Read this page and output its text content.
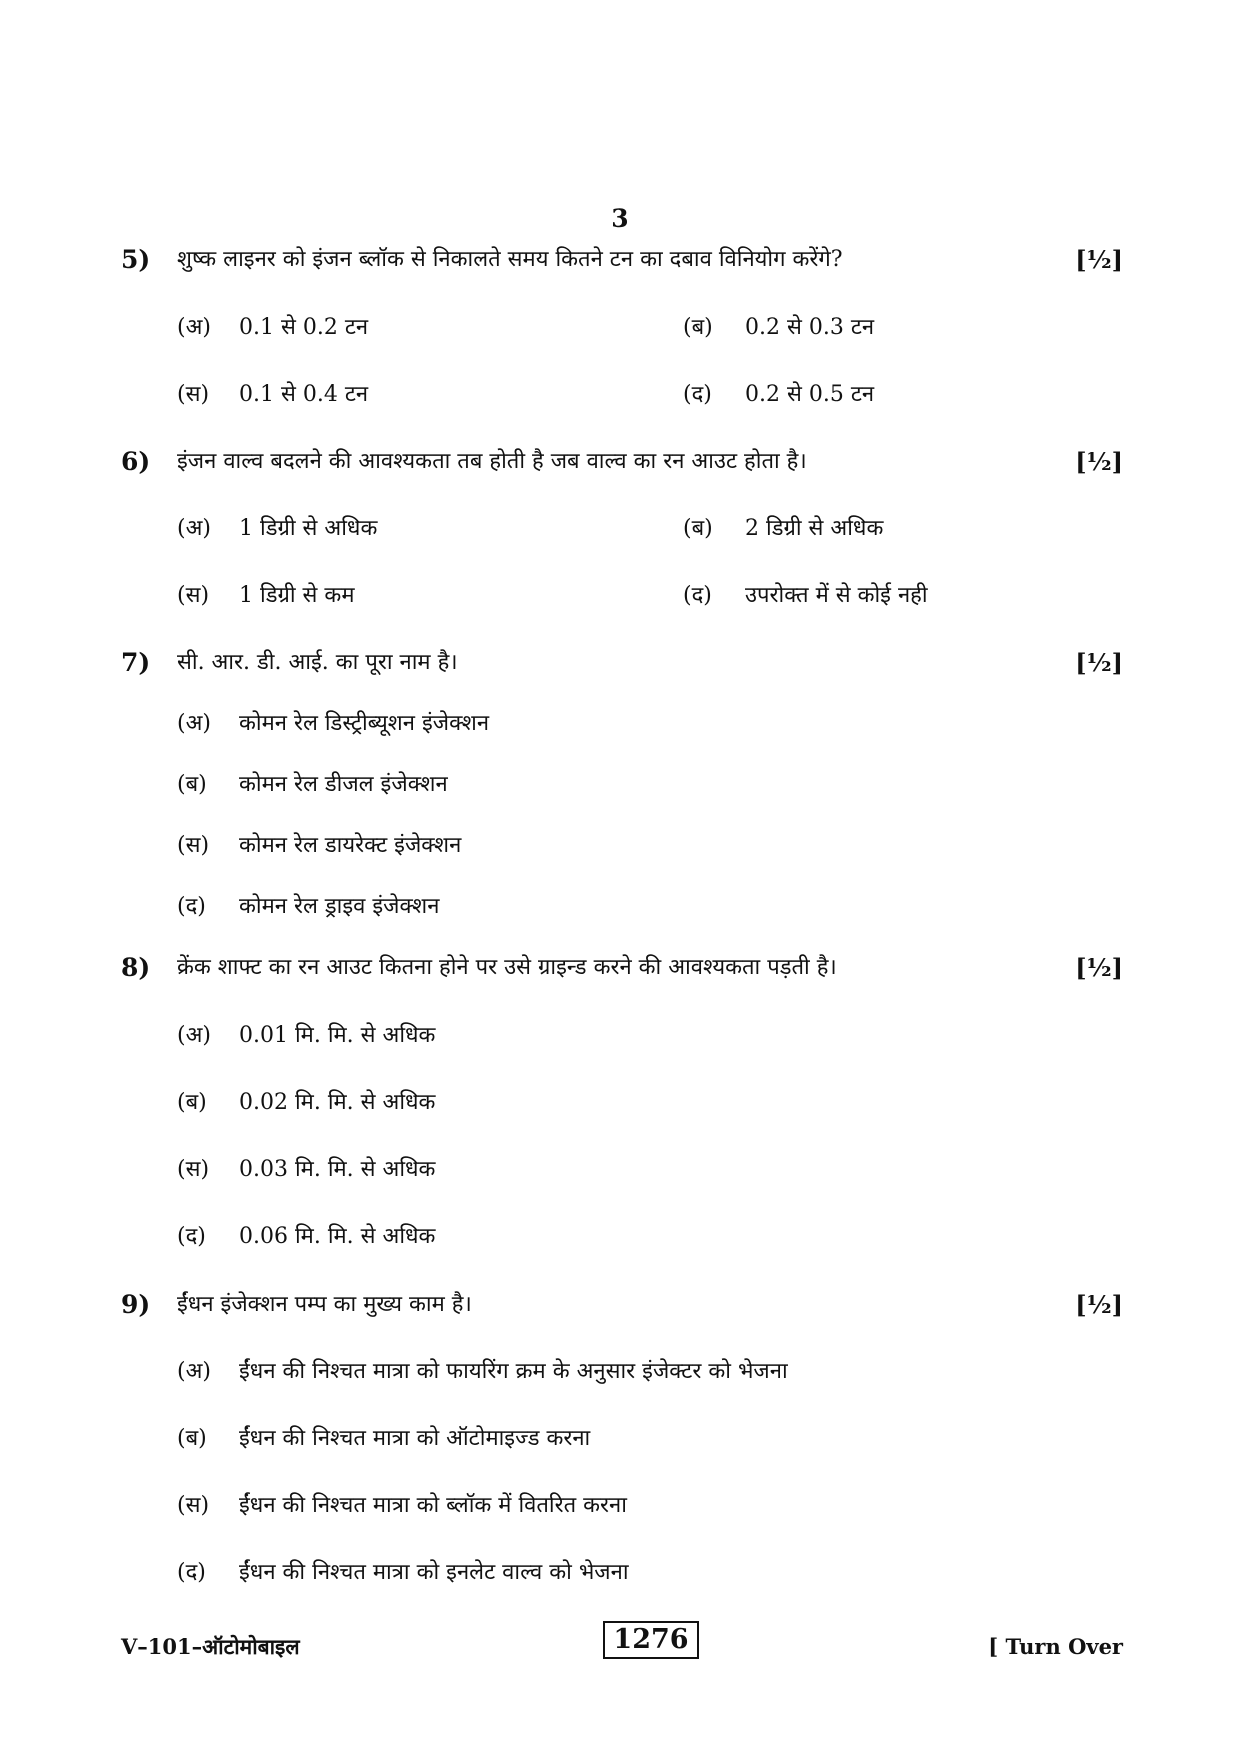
3
5) शुष्क लाइनर को इंजन ब्लॉक से निकालते समय कितने टन का दबाव विनियोग करेंगे?	[½]
(अ) 0.1 से 0.2 टन	(ब) 0.2 से 0.3 टन
(स) 0.1 से 0.4 टन	(द) 0.2 से 0.5 टन
6) इंजन वाल्व बदलने की आवश्यकता तब होती है जब वाल्व का रन आउट होता है।	[½]
(अ) 1 डिग्री से अधिक	(ब) 2 डिग्री से अधिक
(स) 1 डिग्री से कम	(द) उपरोक्त में से कोई नही
7) सी. आर. डी. आई. का पूरा नाम है।	[½]
(अ) कोमन रेल डिस्ट्रीब्यूशन इंजेक्शन
(ब) कोमन रेल डीजल इंजेक्शन
(स) कोमन रेल डायरेक्ट इंजेक्शन
(द) कोमन रेल ड्राइव इंजेक्शन
8) क्रेंक शाफ्ट का रन आउट कितना होने पर उसे ग्राइन्ड करने की आवश्यकता पड़ती है।	[½]
(अ) 0.01 मि. मि. से अधिक
(ब) 0.02 मि. मि. से अधिक
(स) 0.03 मि. मि. से अधिक
(द) 0.06 मि. मि. से अधिक
9) ईंधन इंजेक्शन पम्प का मुख्य काम है।	[½]
(अ) ईंधन की निश्चत मात्रा को फायरिंग क्रम के अनुसार इंजेक्टर को भेजना
(ब) ईंधन की निश्चत मात्रा को ऑटोमाइज्ड करना
(स) ईंधन की निश्चत मात्रा को ब्लॉक में वितरित करना
(द) ईंधन की निश्चत मात्रा को इनलेट वाल्व को भेजना
V–101–ऑटोमोबाइल	1276	[ Turn Over
